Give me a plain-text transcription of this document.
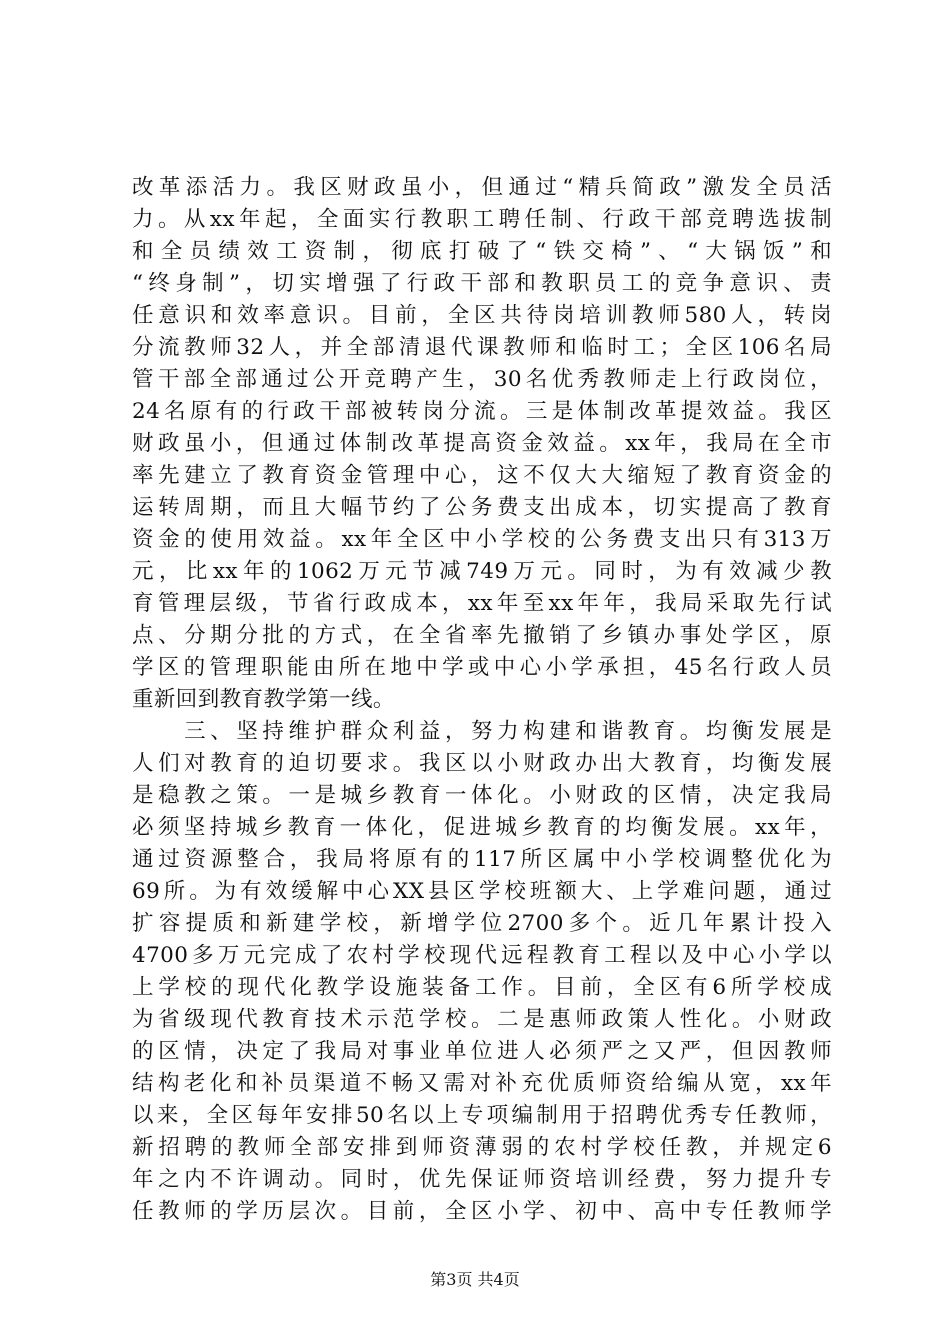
改革添活力。我区财政虽小，但通过“精兵简政”激发全员活
力。从xx年起，全面实行教职工聘任制、行政干部竞聘选拔制
和全员绩效工资制，彻底打破了“铁交椅”、“大锅饭”和
“终身制”，切实增强了行政干部和教职员工的竞争意识、责
任意识和效率意识。目前，全区共待岗培训教师580人，转岗
分流教师32人，并全部清退代课教师和临时工；全区106名局
管干部全部通过公开竞聘产生，30名优秀教师走上行政岗位，
24名原有的行政干部被转岗分流。三是体制改革提效益。我区
财政虽小，但通过体制改革提高资金效益。xx年，我局在全市
率先建立了教育资金管理中心，这不仅大大缩短了教育资金的
运转周期，而且大幅节约了公务费支出成本，切实提高了教育
资金的使用效益。xx年全区中小学校的公务费支出只有313万
元，比xx年的1062万元节减749万元。同时，为有效减少教
育管理层级，节省行政成本，xx年至xx年年，我局采取先行试
点、分期分批的方式，在全省率先撤销了乡镇办事处学区，原
学区的管理职能由所在地中学或中心小学承担，45名行政人员
重新回到教育教学第一线。
　　三、坚持维护群众利益，努力构建和谐教育。均衡发展是
人们对教育的迫切要求。我区以小财政办出大教育，均衡发展
是稳教之策。一是城乡教育一体化。小财政的区情，决定我局
必须坚持城乡教育一体化，促进城乡教育的均衡发展。xx年，
通过资源整合，我局将原有的117所区属中小学校调整优化为
69所。为有效缓解中心XX县区学校班额大、上学难问题，通过
扩容提质和新建学校，新增学位2700多个。近几年累计投入
4700多万元完成了农村学校现代远程教育工程以及中心小学以
上学校的现代化教学设施装备工作。目前，全区有6所学校成
为省级现代教育技术示范学校。二是惠师政策人性化。小财政
的区情，决定了我局对事业单位进人必须严之又严，但因教师
结构老化和补员渠道不畅又需对补充优质师资给编从宽，xx年
以来，全区每年安排50名以上专项编制用于招聘优秀专任教师，
新招聘的教师全部安排到师资薄弱的农村学校任教，并规定6
年之内不许调动。同时，优先保证师资培训经费，努力提升专
任教师的学历层次。目前，全区小学、初中、高中专任教师学
第3页 共4页
